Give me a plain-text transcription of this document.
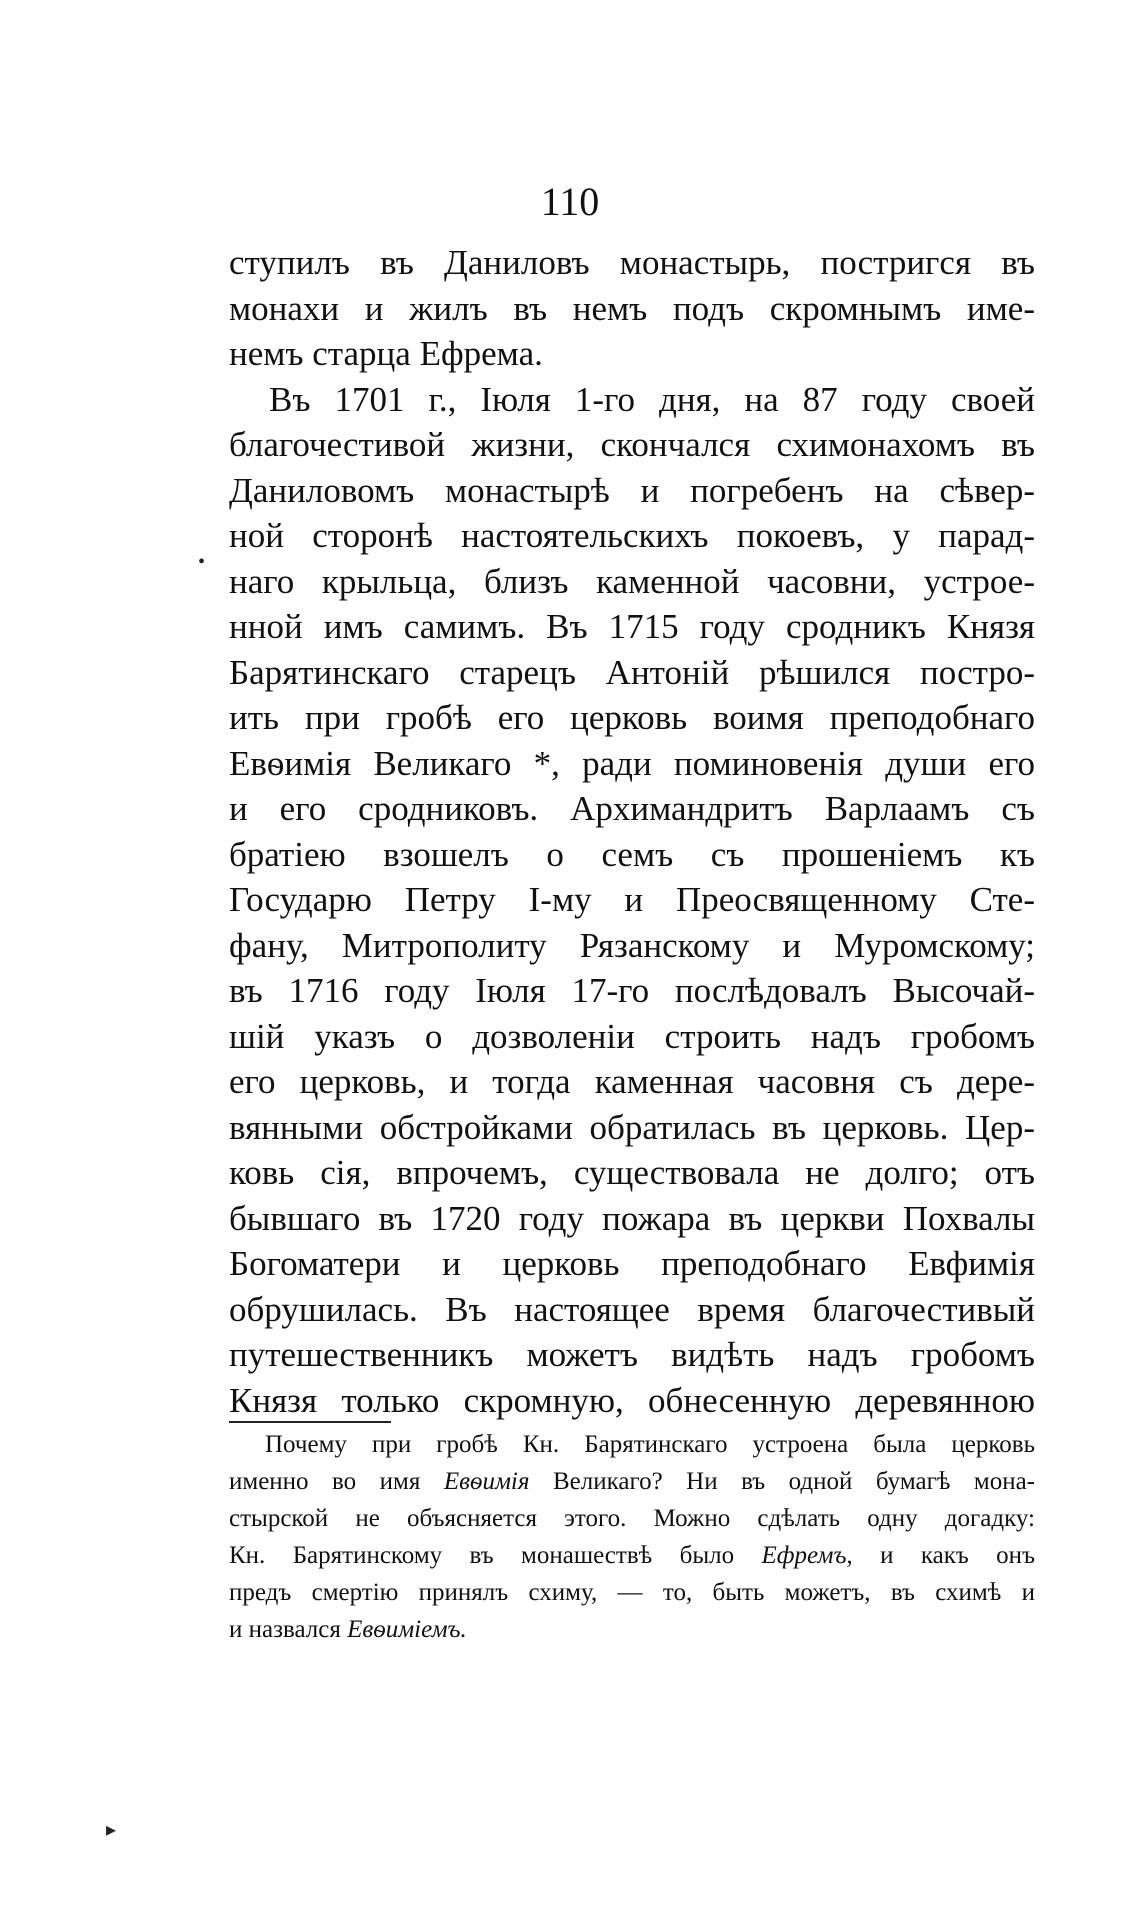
110
ступилъ въ Даниловъ монастырь, постригся въ
монахи и жилъ въ немъ подъ скромнымъ име-
немъ старца Ефрема.
Въ 1701 г., Іюля 1-го дня, на 87 году своей
благочестивой жизни, скончался схимонахомъ въ
Даниловомъ монастырѣ и погребенъ на сѣвер-
ной сторонѣ настоятельскихъ покоевъ, у парад-
наго крыльца, близъ каменной часовни, устрое-
нной имъ самимъ. Въ 1715 году сродникъ Князя
Барятинскаго старецъ Антоній рѣшился постро-
ить при гробѣ его церковь воимя преподобнаго
Евѳимія Великаго *, ради поминовенія души его
и его сродниковъ. Архимандритъ Варлаамъ съ
братіею взошелъ о семъ съ прошеніемъ къ
Государю Петру I-му и Преосвященному Сте-
фану, Митрополиту Рязанскому и Муромскому;
въ 1716 году Іюля 17-го послѣдовалъ Высочай-
шій указъ о дозволеніи строить надъ гробомъ
его церковь, и тогда каменная часовня съ дере-
вянными обстройками обратилась въ церковь. Цер-
ковь сія, впрочемъ, существовала не долго; отъ
бывшаго въ 1720 году пожара въ церкви Похвалы
Богоматери и церковь преподобнаго Евфимія
обрушилась. Въ настоящее время благочестивый
путешественникъ можетъ видѣть надъ гробомъ
Князя только скромную, обнесенную деревянною
Почему при гробѣ Кн. Барятинскаго устроена была церковь
именно во имя Евѳимія Великаго? Ни въ одной бумагѣ мона-
стырской не объясняется этого. Можно сдѣлать одну догадку:
Кн. Барятинскому въ монашествѣ было Ефремъ, и какъ онъ
предъ смертію принялъ схиму, — то, быть можетъ, въ схимѣ и
и назвался Евѳиміемъ.
•
▸
